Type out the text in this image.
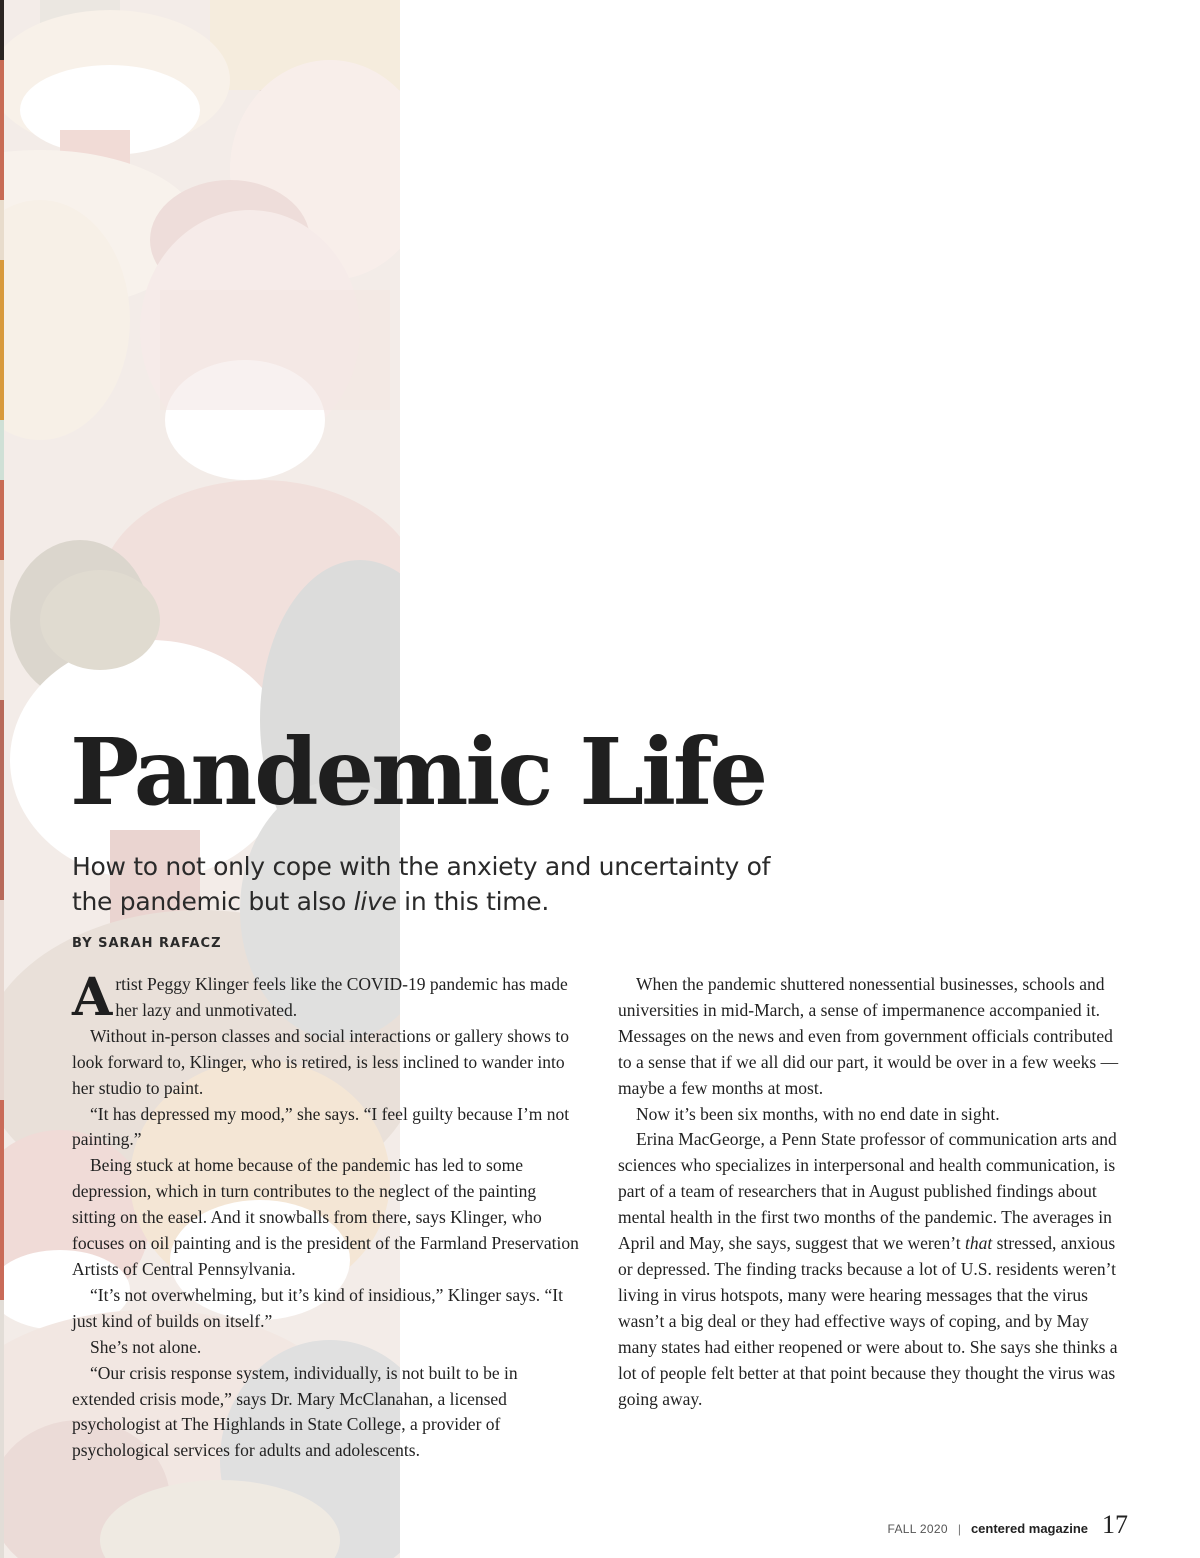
Pandemic Life

How to not only cope with the anxiety and uncertainty of the pandemic but also live in this time.

BY SARAH RAFACZ

Artist Peggy Klinger feels like the COVID-19 pandemic has made her lazy and unmotivated.

Without in-person classes and social interactions or gallery shows to look forward to, Klinger, who is retired, is less inclined to wander into her studio to paint.

“It has depressed my mood,” she says. “I feel guilty because I’m not painting.”

Being stuck at home because of the pandemic has led to some depression, which in turn contributes to the neglect of the painting sitting on the easel. And it snowballs from there, says Klinger, who focuses on oil painting and is the president of the Farmland Preservation Artists of Central Pennsylvania.

“It’s not overwhelming, but it’s kind of insidious,” Klinger says. “It just kind of builds on itself.”

She’s not alone.

“Our crisis response system, individually, is not built to be in extended crisis mode,” says Dr. Mary McClanahan, a licensed psychologist at The Highlands in State College, a provider of psychological services for adults and adolescents.

When the pandemic shuttered nonessential businesses, schools and universities in mid-March, a sense of impermanence accompanied it. Messages on the news and even from government officials contributed to a sense that if we all did our part, it would be over in a few weeks — maybe a few months at most.

Now it’s been six months, with no end date in sight.

Erina MacGeorge, a Penn State professor of communication arts and sciences who specializes in interpersonal and health communication, is part of a team of researchers that in August published findings about mental health in the first two months of the pandemic. The averages in April and May, she says, suggest that we weren’t that stressed, anxious or depressed. The finding tracks because a lot of U.S. residents weren’t living in virus hotspots, many were hearing messages that the virus wasn’t a big deal or they had effective ways of coping, and by May many states had either reopened or were about to. She says she thinks a lot of people felt better at that point because they thought the virus was going away.

FALL 2020 | centered magazine 17
